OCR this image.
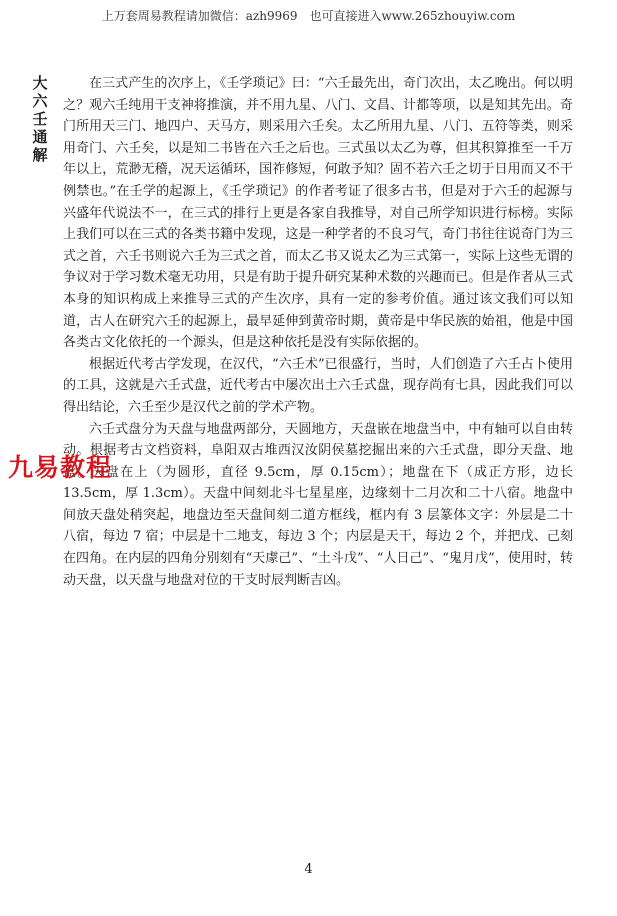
上万套周易教程请加微信：azh9969　也可直接进入www.265zhouyiw.com
大
六
壬
通
解

在三式产生的次序上，《壬学琐记》曰：“六壬最先出，奇门次出，太乙晚出。何以明之？观六壬纯用干支神将推演，并不用九星、八门、文昌、计都等项，以是知其先出。奇门所用天三门、地四户、天马方，则采用六壬矣。太乙所用九星、八门、五符等类，则采用奇门、六壬矣，以是知二书皆在六壬之后也。三式虽以太乙为尊，但其积算推至一千万年以上，荒渺无稽，况天运循环，国祚修短，何敢予知？固不若六壬之切于日用而又不干例禁也。”在壬学的起源上，《壬学琐记》的作者考证了很多古书，但是对于六壬的起源与兴盛年代说法不一，在三式的排行上更是各家自我推导，对自己所学知识进行标榜。实际上我们可以在三式的各类书籍中发现，这是一种学者的不良习气，奇门书往往说奇门为三式之首，六壬书则说六壬为三式之首，而太乙书又说太乙为三式第一，实际上这些无谓的争议对于学习数术毫无功用，只是有助于提升研究某种术数的兴趣而已。但是作者从三式本身的知识构成上来推导三式的产生次序，具有一定的参考价值。通过该文我们可以知道，古人在研究六壬的起源上，最早延伸到黄帝时期，黄帝是中华民族的始祖，他是中国各类古文化依托的一个源头，但是这种依托是没有实际依据的。

根据近代考古学发现，在汉代，“六壬术”已很盛行，当时，人们创造了六壬占卜使用的工具，这就是六壬式盘，近代考古中屡次出土六壬式盘，现存尚有七具，因此我们可以得出结论，六壬至少是汉代之前的学术产物。

六壬式盘分为天盘与地盘两部分，天圆地方，天盘嵌在地盘当中，中有轴可以自由转动。根据考古文档资料，阜阳双古堆西汉汝阴侯墓挖掘出来的六壬式盘，即分天盘、地盘。天盘在上（为圆形，直径 9.5cm，厚 0.15cm）；地盘在下（成正方形，边长 13.5cm，厚 1.3cm）。天盘中间刻北斗七星星座，边缘刻十二月次和二十八宿。地盘中间放天盘处稍突起，地盘边至天盘间刻二道方框线，框内有 3 层篆体文字：外层是二十八宿，每边 7 宿；中层是十二地支，每边 3 个；内层是天干，每边 2 个，并把戊、己刻在四角。在内层的四角分别刻有“天豦己”、“土斗戊”、“人日己”、“鬼月戊”，使用时，转动天盘，以天盘与地盘对位的干支时辰判断吉凶。

九易教程
4
